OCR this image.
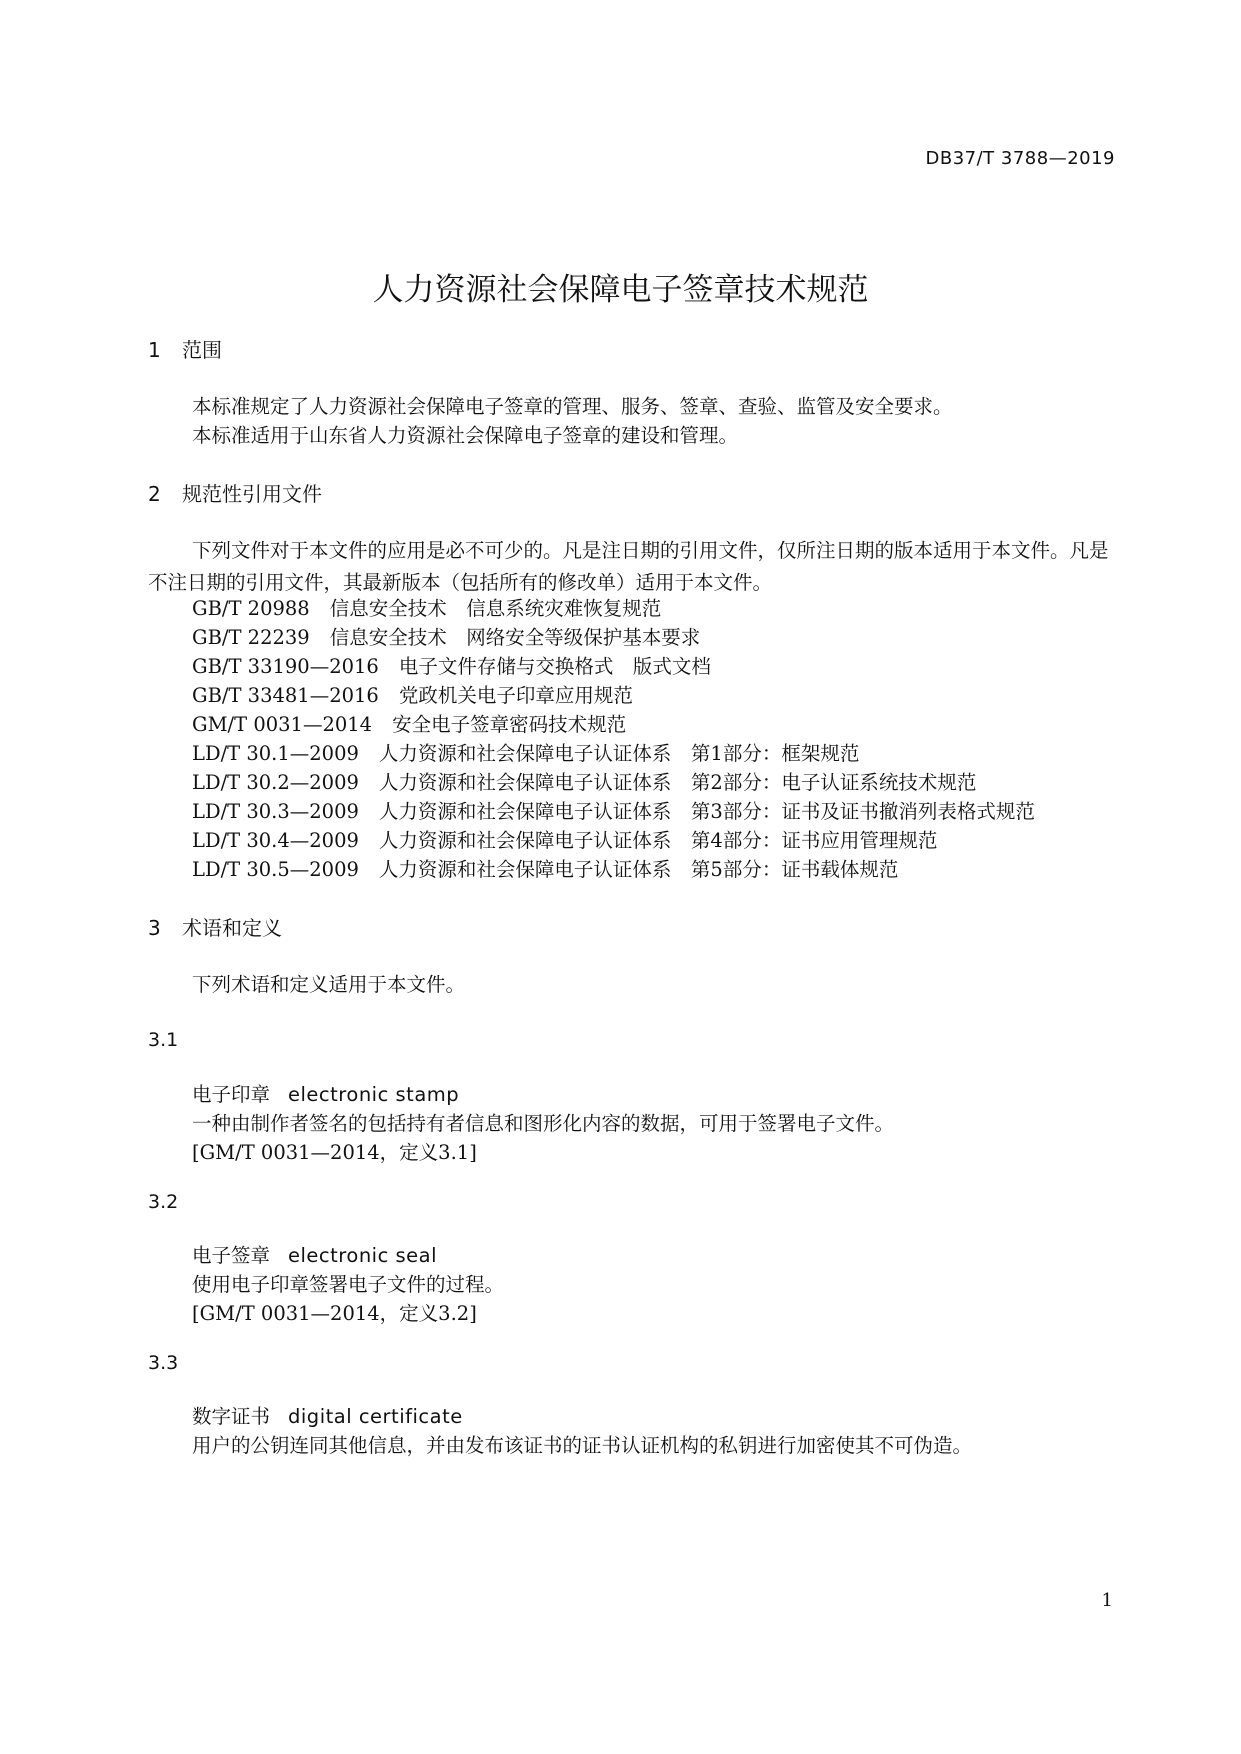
DB37/T 3788—2019
人力资源社会保障电子签章技术规范
1 范围
本标准规定了人力资源社会保障电子签章的管理、服务、签章、查验、监管及安全要求。
本标准适用于山东省人力资源社会保障电子签章的建设和管理。
2 规范性引用文件
下列文件对于本文件的应用是必不可少的。凡是注日期的引用文件，仅所注日期的版本适用于本文件。凡是不注日期的引用文件，其最新版本（包括所有的修改单）适用于本文件。
GB/T 20988 信息安全技术　信息系统灾难恢复规范
GB/T 22239 信息安全技术　网络安全等级保护基本要求
GB/T 33190—2016 电子文件存储与交换格式　版式文档
GB/T 33481—2016 党政机关电子印章应用规范
GM/T 0031—2014 安全电子签章密码技术规范
LD/T 30.1—2009 人力资源和社会保障电子认证体系　第1部分：框架规范
LD/T 30.2—2009 人力资源和社会保障电子认证体系　第2部分：电子认证系统技术规范
LD/T 30.3—2009 人力资源和社会保障电子认证体系　第3部分：证书及证书撤消列表格式规范
LD/T 30.4—2009 人力资源和社会保障电子认证体系　第4部分：证书应用管理规范
LD/T 30.5—2009 人力资源和社会保障电子认证体系　第5部分：证书载体规范
3 术语和定义
下列术语和定义适用于本文件。
3.1
电子印章 electronic stamp
一种由制作者签名的包括持有者信息和图形化内容的数据，可用于签署电子文件。
[GM/T 0031—2014，定义3.1]
3.2
电子签章 electronic seal
使用电子印章签署电子文件的过程。
[GM/T 0031—2014，定义3.2]
3.3
数字证书 digital certificate
用户的公钥连同其他信息，并由发布该证书的证书认证机构的私钥进行加密使其不可伪造。
1
